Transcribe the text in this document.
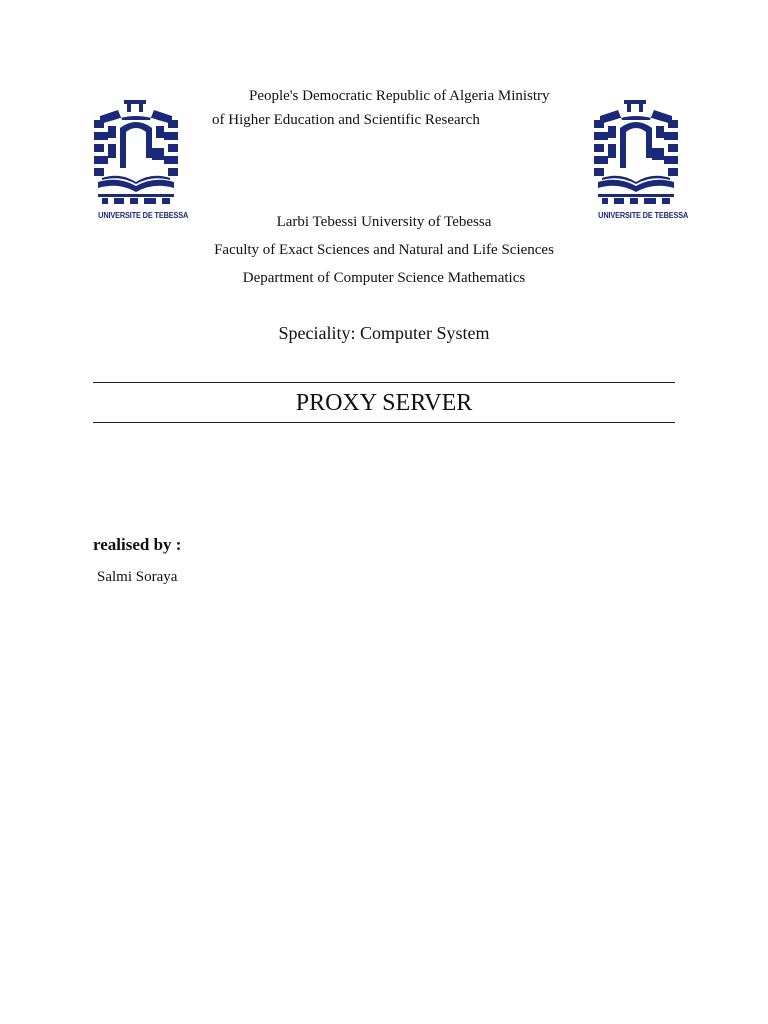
UNIVERSITE DE TEBESSA	UNIVERSITE DE TEBESSA
People's Democratic Republic of Algeria Ministry
of Higher Education and Scientific Research
Larbi Tebessi University of Tebessa
Faculty of Exact Sciences and Natural and Life Sciences
Department of Computer Science Mathematics
Speciality: Computer System
PROXY SERVER
realised by :
Salmi Soraya
